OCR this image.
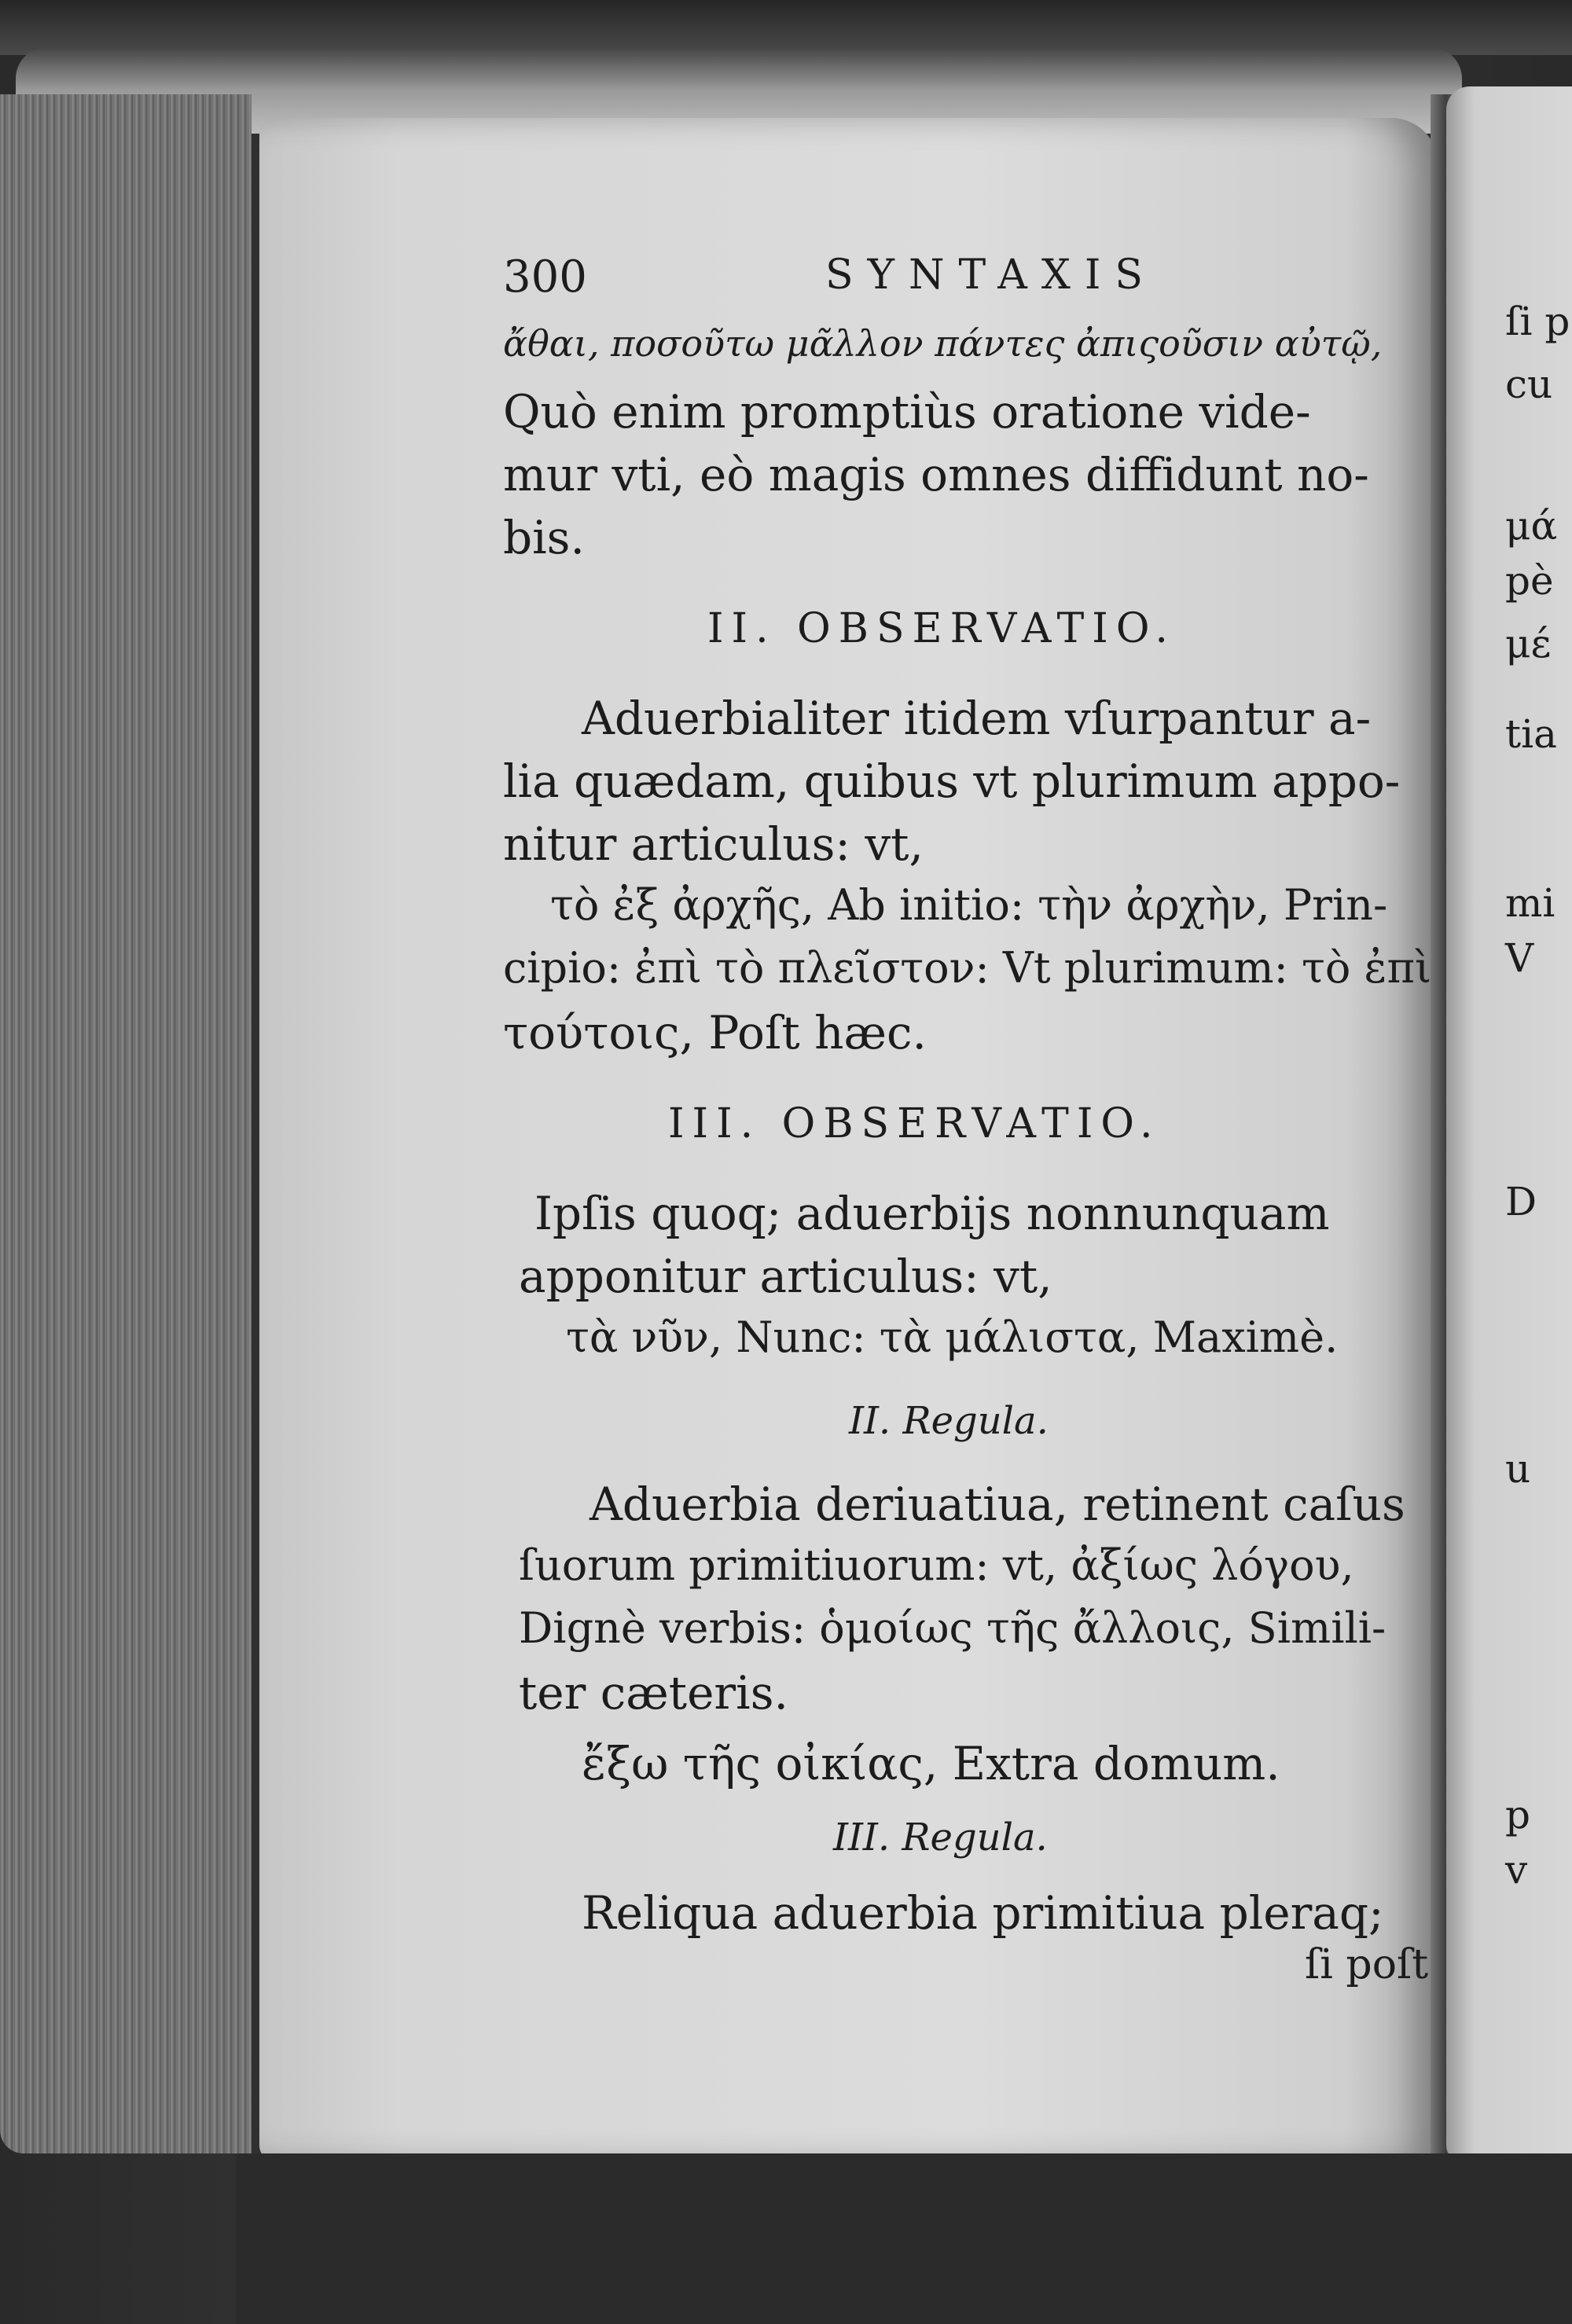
300	SYNTAXIS
ἄθαι, ποσοῦτω μᾶλλον πάντες ἀπιςοῦσιν αὐτῷ,
Quò enim promptiùs oratione vide-
mur vti, eò magis omnes diffidunt no-
bis.
II. OBSERVATIO.
Aduerbialiter itidem vſurpantur a-
lia quædam, quibus vt plurimum appo-
nitur articulus: vt,
τὸ ἐξ ἀρχῆς, Ab initio: τὴν ἀρχὴν, Prin-
cipio: ἐπὶ τὸ πλεῖστον: Vt plurimum: τὸ ἐπὶ
τούτοις, Poſt hæc.
III. OBSERVATIO.
Ipſis quoq; aduerbijs nonnunquam
apponitur articulus: vt,
τὰ νῦν, Nunc: τὰ μάλιστα, Maximè.
II. Regula.
Aduerbia deriuatiua, retinent caſus
ſuorum primitiuorum: vt, ἀξίως λόγου,
Dignè verbis: ὁμοίως τῆς ἄλλοις, Simili-
ter cæteris.
ἔξω τῆς οἰκίας, Extra domum.
III. Regula.
Reliqua aduerbia primitiua pleraq;
ſi poſt
ſi p
cu
μά
pè
μέ
tia
mi
V
D
u
p
v
